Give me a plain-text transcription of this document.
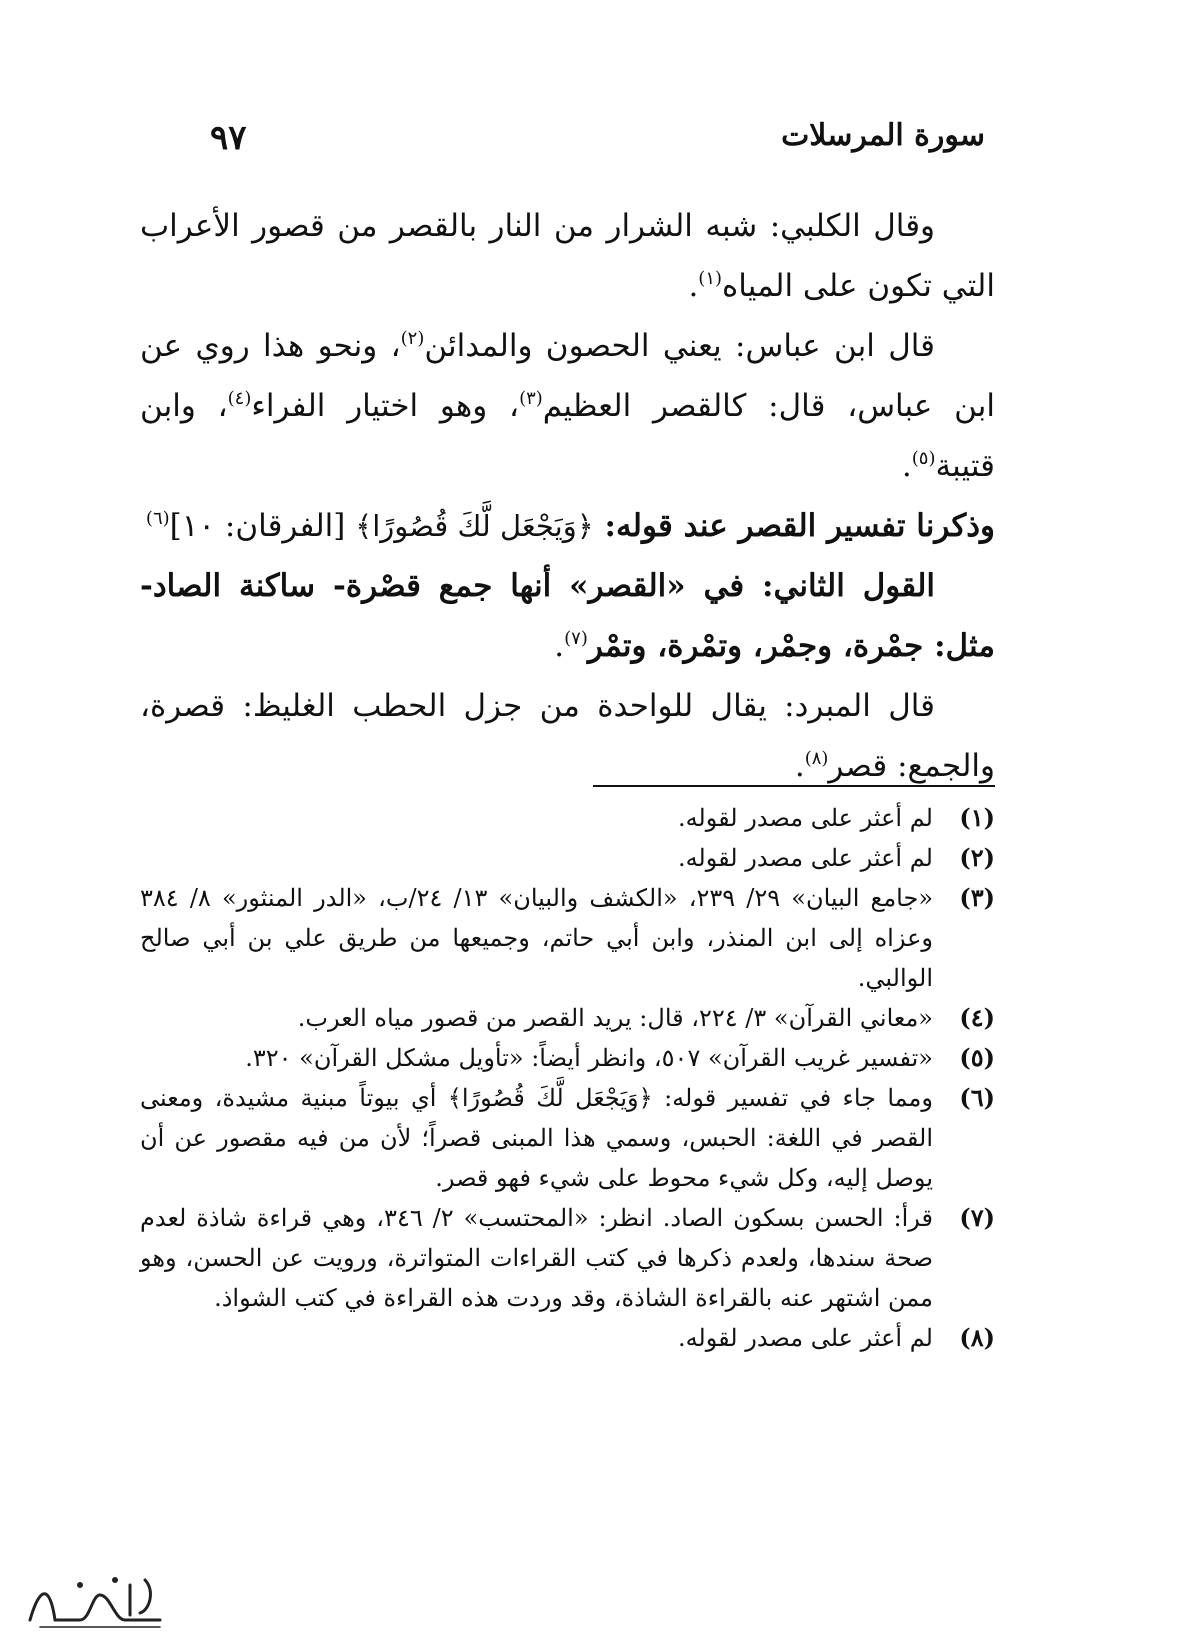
سورة المرسلات
٩٧

وقال الكلبي: شبه الشرار من النار بالقصر من قصور الأعراب التي تكون على المياه$^{(١)}$.

قال ابن عباس: يعني الحصون والمدائن$^{(٢)}$، ونحو هذا روي عن ابن عباس، قال: كالقصر العظيم$^{(٣)}$، وهو اختيار الفراء$^{(٤)}$، وابن قتيبة$^{(٥)}$.
وذكرنا تفسير القصر عند قوله: ﴿وَيَجْعَل لَّكَ قُصُورًا﴾ [الفرقان: ١٠]$^{(٦)}$

القول الثاني: في «القصر» أنها جمع قصْرة- ساكنة الصاد- مثل: جمْرة، وجمْر، وتمْرة، وتمْر$^{(٧)}$.

قال المبرد: يقال للواحدة من جزل الحطب الغليظ: قصرة، والجمع: قصر$^{(٨)}$.

(١)
لم أعثر على مصدر لقوله.
(٢)
لم أعثر على مصدر لقوله.
(٣)
«جامع البيان» ٢٩/ ٢٣٩، «الكشف والبيان» ١٣/ ٢٤/ب، «الدر المنثور» ٨/ ٣٨٤ وعزاه إلى ابن المنذر، وابن أبي حاتم، وجميعها من طريق علي بن أبي صالح الوالبي.
(٤)
«معاني القرآن» ٣/ ٢٢٤، قال: يريد القصر من قصور مياه العرب.
(٥)
«تفسير غريب القرآن» ٥٠٧، وانظر أيضاً: «تأويل مشكل القرآن» ٣٢٠.
(٦)
ومما جاء في تفسير قوله: ﴿وَيَجْعَل لَّكَ قُصُورًا﴾ أي بيوتاً مبنية مشيدة، ومعنى القصر في اللغة: الحبس، وسمي هذا المبنى قصراً؛ لأن من فيه مقصور عن أن يوصل إليه، وكل شيء محوط على شيء فهو قصر.
(٧)
قرأ: الحسن بسكون الصاد. انظر: «المحتسب» ٢/ ٣٤٦، وهي قراءة شاذة لعدم صحة سندها، ولعدم ذكرها في كتب القراءات المتواترة، ورويت عن الحسن، وهو ممن اشتهر عنه بالقراءة الشاذة، وقد وردت هذه القراءة في كتب الشواذ.
(٨)
لم أعثر على مصدر لقوله.
